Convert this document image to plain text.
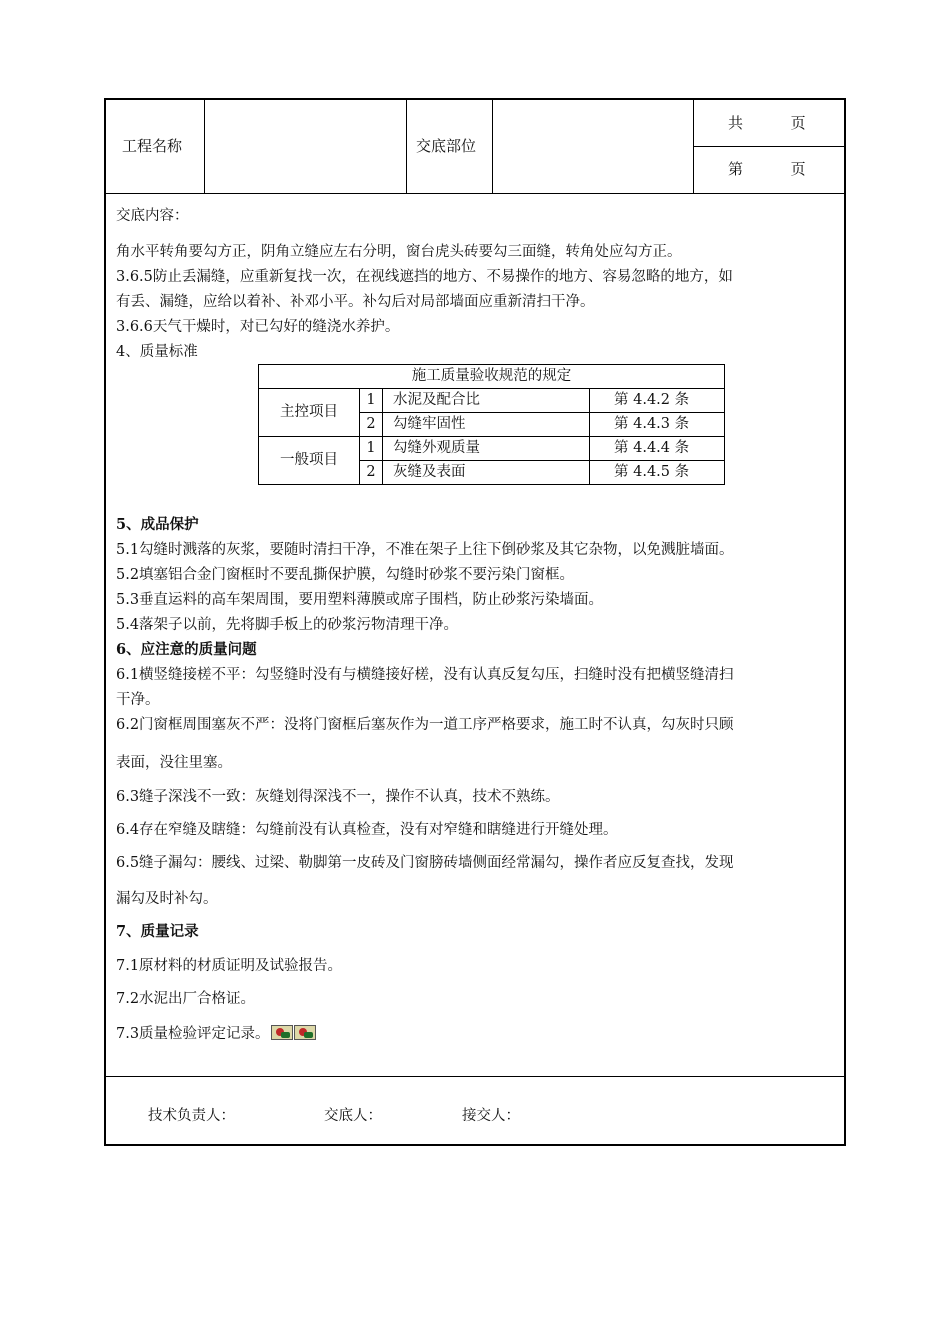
工程名称	交底部位
共          页
第          页
交底内容：
角水平转角要勾方正，阴角立缝应左右分明，窗台虎头砖要勾三面缝，转角处应勾方正。
3.6.5防止丢漏缝，应重新复找一次，在视线遮挡的地方、不易操作的地方、容易忽略的地方，如
有丢、漏缝，应给以着补、补邓小平。补勾后对局部墙面应重新清扫干净。
3.6.6天气干燥时，对已勾好的缝浇水养护。
4、质量标准
施工质量验收规范的规定			
主控项目	1	水泥及配合比	第 4.4.2 条
	2	勾缝牢固性	第 4.4.3 条
一般项目	1	勾缝外观质量	第 4.4.4 条
	2	灰缝及表面	第 4.4.5 条
5、成品保护
5.1勾缝时溅落的灰浆，要随时清扫干净，不准在架子上往下倒砂浆及其它杂物，以免溅脏墙面。
5.2填塞铝合金门窗框时不要乱撕保护膜，勾缝时砂浆不要污染门窗框。
5.3垂直运料的高车架周围，要用塑料薄膜或席子围档，防止砂浆污染墙面。
5.4落架子以前，先将脚手板上的砂浆污物清理干净。
6、应注意的质量问题
6.1横竖缝接槎不平：勾竖缝时没有与横缝接好槎，没有认真反复勾压，扫缝时没有把横竖缝清扫
干净。
6.2门窗框周围塞灰不严：没将门窗框后塞灰作为一道工序严格要求，施工时不认真，勾灰时只顾
表面，没往里塞。
6.3缝子深浅不一致：灰缝划得深浅不一，操作不认真，技术不熟练。
6.4存在窄缝及瞎缝：勾缝前没有认真检查，没有对窄缝和瞎缝进行开缝处理。
6.5缝子漏勾：腰线、过梁、勒脚第一皮砖及门窗膀砖墙侧面经常漏勾，操作者应反复查找，发现
漏勾及时补勾。
7、质量记录
7.1原材料的材质证明及试验报告。
7.2水泥出厂合格证。
7.3质量检验评定记录。
技术负责人：	交底人：	接交人：
